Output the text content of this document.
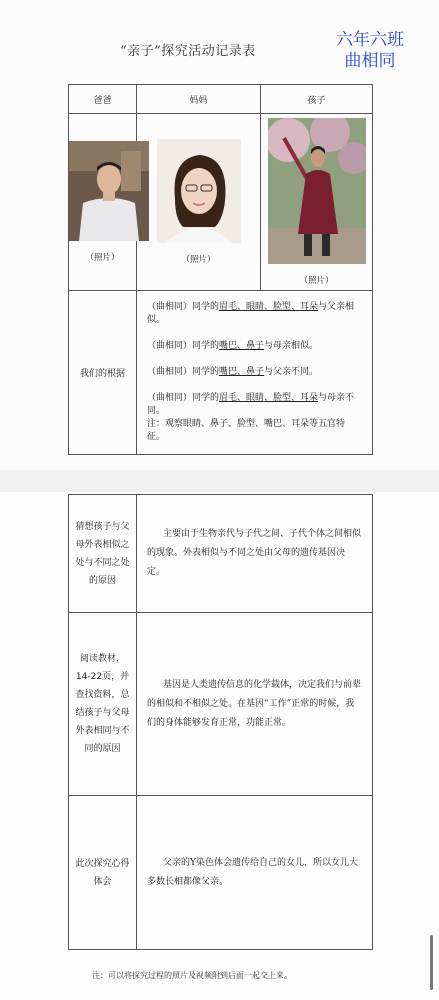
“亲子”探究活动记录表
六年六班
曲相同
爸爸	妈妈	孩子

（照片）	（照片）	（照片）

我们的根据	（曲相同）同学的眉毛、眼睛、脸型、耳朵与父亲相似。

（曲相同）同学的嘴巴、鼻子与母亲相似。

（曲相同）同学的嘴巴、鼻子与父亲不同。

（曲相同）同学的眉毛、眼睛、脸型、耳朵与母亲不同。
注：观察眼睛、鼻子、脸型、嘴巴、耳朵等五官特征。	

猜想孩子与父母外表相似之处与不同之处的原因	主要由于生物亲代与子代之间、子代个体之间相似的现象。外表相似与不同之处由父母的遗传基因决定。
阅读教材，14-22页，并查找资料，总结孩子与父母外表相同与不同的原因	基因是人类遗传信息的化学载体，决定我们与前辈的相似和不相似之处。在基因“工作”正常的时候，我们的身体能够发育正常，功能正常。
此次探究心得体会	父亲的Y染色体会遗传给自己的女儿，所以女儿大多数长相都像父亲。
注：可以将探究过程的照片及视频附到后面一起交上来。
